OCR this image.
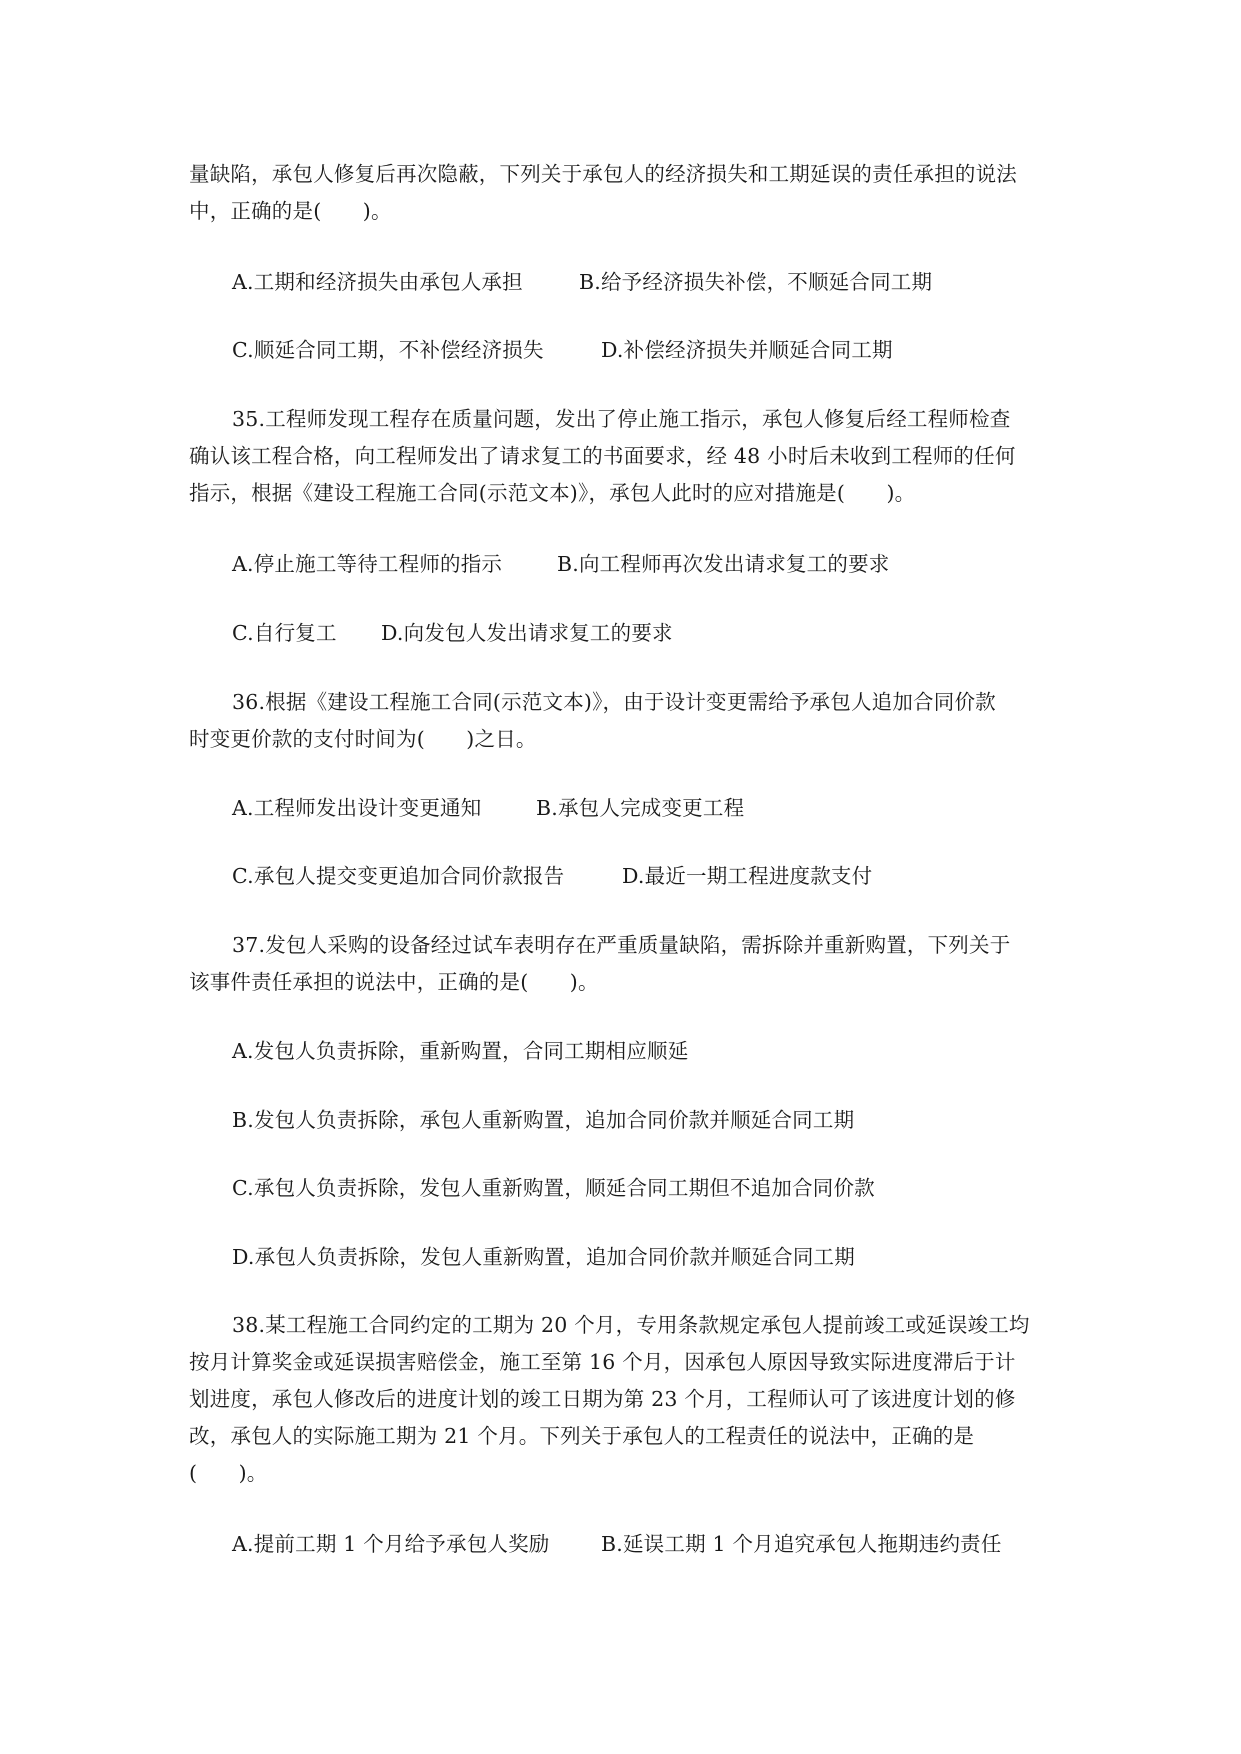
量缺陷，承包人修复后再次隐蔽，下列关于承包人的经济损失和工期延误的责任承担的说法
中，正确的是(　　)。
A.工期和经济损失由承包人承担	B.给予经济损失补偿，不顺延合同工期
C.顺延合同工期，不补偿经济损失	D.补偿经济损失并顺延合同工期
35.工程师发现工程存在质量问题，发出了停止施工指示，承包人修复后经工程师检查
确认该工程合格，向工程师发出了请求复工的书面要求，经 48 小时后未收到工程师的任何
指示，根据《建设工程施工合同(示范文本)》，承包人此时的应对措施是(　　)。
A.停止施工等待工程师的指示	B.向工程师再次发出请求复工的要求
C.自行复工 D.向发包人发出请求复工的要求
36.根据《建设工程施工合同(示范文本)》，由于设计变更需给予承包人追加合同价款
时变更价款的支付时间为(　　)之日。
A.工程师发出设计变更通知	B.承包人完成变更工程
C.承包人提交变更追加合同价款报告	D.最近一期工程进度款支付
37.发包人采购的设备经过试车表明存在严重质量缺陷，需拆除并重新购置，下列关于
该事件责任承担的说法中，正确的是(　　)。
A.发包人负责拆除，重新购置，合同工期相应顺延
B.发包人负责拆除，承包人重新购置，追加合同价款并顺延合同工期
C.承包人负责拆除，发包人重新购置，顺延合同工期但不追加合同价款
D.承包人负责拆除，发包人重新购置，追加合同价款并顺延合同工期
38.某工程施工合同约定的工期为 20 个月，专用条款规定承包人提前竣工或延误竣工均
按月计算奖金或延误损害赔偿金，施工至第 16 个月，因承包人原因导致实际进度滞后于计
划进度，承包人修改后的进度计划的竣工日期为第 23 个月，工程师认可了该进度计划的修
改，承包人的实际施工期为 21 个月。下列关于承包人的工程责任的说法中，正确的是
(　　)。
A.提前工期 1 个月给予承包人奖励	B.延误工期 1 个月追究承包人拖期违约责任
